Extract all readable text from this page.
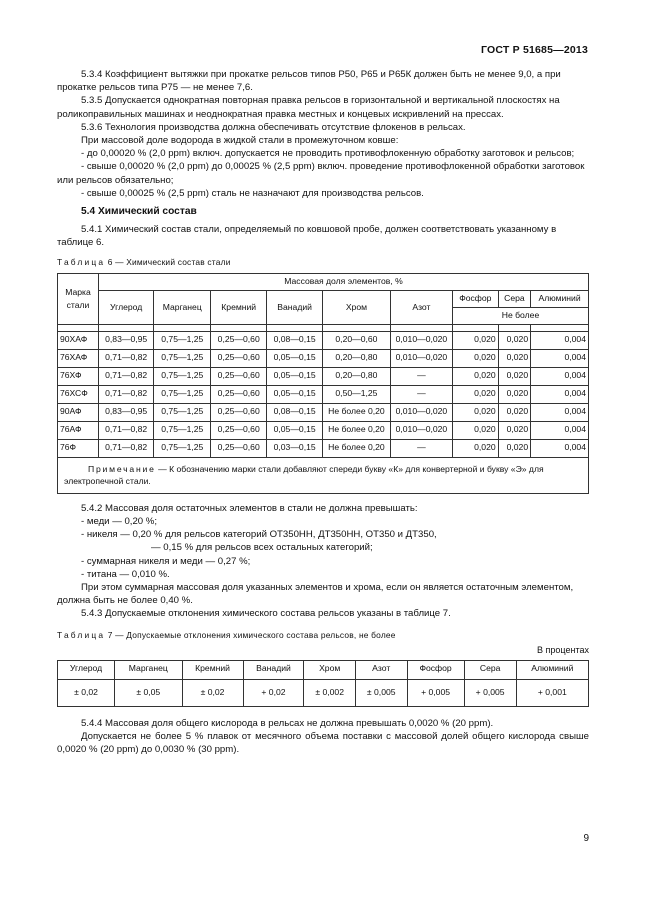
ГОСТ Р 51685—2013

5.3.4 Коэффициент вытяжки при прокатке рельсов типов Р50, Р65 и Р65К должен быть не менее 9,0, а при прокатке рельсов типа Р75 — не менее 7,6.

5.3.5 Допускается однократная повторная правка рельсов в горизонтальной и вертикальной плоскостях на роликоправильных машинах и неоднократная правка местных и концевых искривлений на прессах.

5.3.6 Технология производства должна обеспечивать отсутствие флокенов в рельсах.

При массовой доле водорода в жидкой стали в промежуточном ковше:

- до 0,00020 % (2,0 ppm) включ. допускается не проводить противофлокенную обработку заготовок и рельсов;

- свыше 0,00020 % (2,0 ppm) до 0,00025 % (2,5 ppm) включ. проведение противофлокенной обработки заготовок или рельсов обязательно;

- свыше 0,00025 % (2,5 ppm) сталь не назначают для производства рельсов.

5.4 Химический состав

5.4.1 Химический состав стали, определяемый по ковшовой пробе, должен соответствовать указанному в таблице 6.

Таблица 6 — Химический состав стали

Марка стали	Массовая доля элементов, %								
	Углерод	Марганец	Кремний	Ванадий	Хром	Азот	Фосфор	Сера	Алюминий
							Не более		

90ХАФ	0,83—0,95	0,75—1,25	0,25—0,60	0,08—0,15	0,20—0,60	0,010—0,020	0,020	0,020	0,004
76ХАФ	0,71—0,82	0,75—1,25	0,25—0,60	0,05—0,15	0,20—0,80	0,010—0,020	0,020	0,020	0,004
76ХФ	0,71—0,82	0,75—1,25	0,25—0,60	0,05—0,15	0,20—0,80	—	0,020	0,020	0,004
76ХСФ	0,71—0,82	0,75—1,25	0,25—0,60	0,05—0,15	0,50—1,25	—	0,020	0,020	0,004
90АФ	0,83—0,95	0,75—1,25	0,25—0,60	0,08—0,15	Не более 0,20	0,010—0,020	0,020	0,020	0,004
76АФ	0,71—0,82	0,75—1,25	0,25—0,60	0,05—0,15	Не более 0,20	0,010—0,020	0,020	0,020	0,004
76Ф	0,71—0,82	0,75—1,25	0,25—0,60	0,03—0,15	Не более 0,20	—	0,020	0,020	0,004
Примечание — К обозначению марки стали добавляют спереди букву «К» для конвертерной и букву «Э» для электропечной стали.									

5.4.2 Массовая доля остаточных элементов в стали не должна превышать:

- меди — 0,20 %;

- никеля — 0,20 % для рельсов категорий ОТ350НН, ДТ350НН, ОТ350 и ДТ350,

— 0,15 % для рельсов всех остальных категорий;

- суммарная никеля и меди — 0,27 %;

- титана — 0,010 %.

При этом суммарная массовая доля указанных элементов и хрома, если он является остаточным элементом, должна быть не более 0,40 %.

5.4.3 Допускаемые отклонения химического состава рельсов указаны в таблице 7.

Таблица 7 — Допускаемые отклонения химического состава рельсов, не более

В процентах
Углерод	Марганец	Кремний	Ванадий	Хром	Азот	Фосфор	Сера	Алюминий
± 0,02	± 0,05	± 0,02	+ 0,02	± 0,002	± 0,005	+ 0,005	+ 0,005	+ 0,001

5.4.4 Массовая доля общего кислорода в рельсах не должна превышать 0,0020 % (20 ppm).

Допускается не более 5 % плавок от месячного объема поставки с массовой долей общего кислорода свыше 0,0020 % (20 ppm) до 0,0030 % (30 ppm).

9
